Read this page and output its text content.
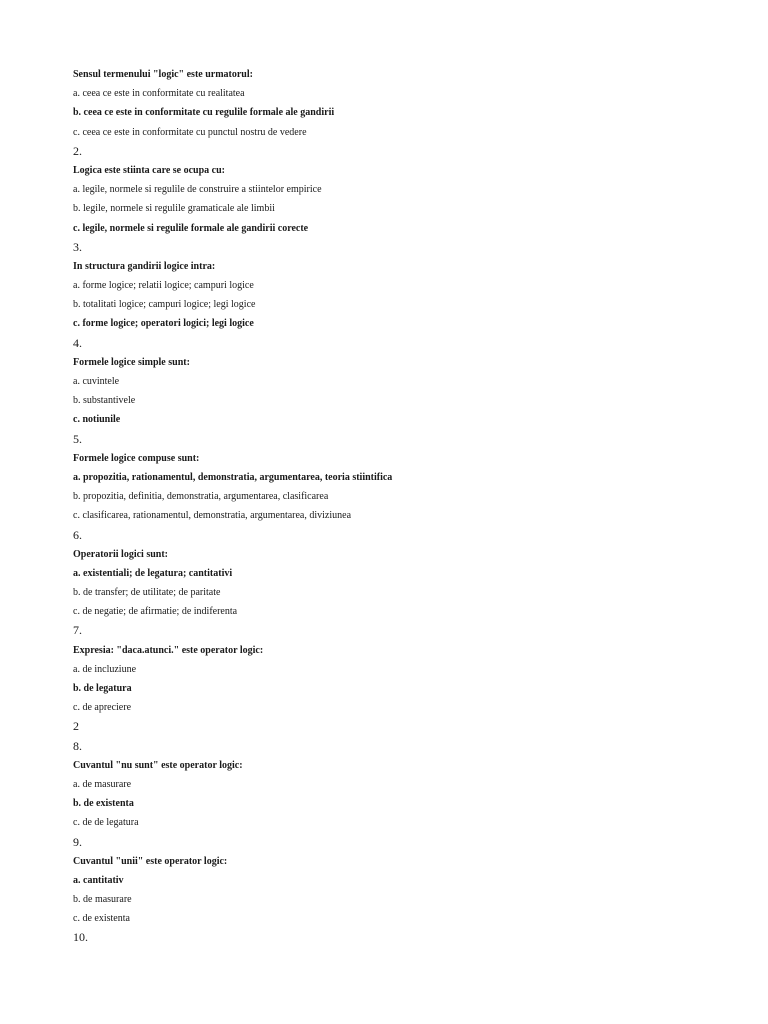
Sensul termenului "logic" este urmatorul:
a. ceea ce este in conformitate cu realitatea
b. ceea ce este in conformitate cu regulile formale ale gandirii
c. ceea ce este in conformitate cu punctul nostru de vedere
2.
Logica este stiinta care se ocupa cu:
a. legile, normele si regulile de construire a stiintelor empirice
b. legile, normele si regulile gramaticale ale limbii
c. legile, normele si regulile formale ale gandirii corecte
3.
In structura gandirii logice intra:
a. forme logice; relatii logice; campuri logice
b. totalitati logice; campuri logice; legi logice
c. forme logice; operatori logici; legi logice
4.
Formele logice simple sunt:
a. cuvintele
b. substantivele
c. notiunile
5.
Formele logice compuse sunt:
a. propozitia, rationamentul, demonstratia, argumentarea, teoria stiintifica
b. propozitia, definitia, demonstratia, argumentarea, clasificarea
c. clasificarea, rationamentul, demonstratia, argumentarea, diviziunea
6.
Operatorii logici sunt:
a. existentiali; de legatura; cantitativi
b. de transfer; de utilitate; de paritate
c. de negatie; de afirmatie; de indiferenta
7.
Expresia: "daca.atunci." este operator logic:
a. de incluziune
b. de legatura
c. de apreciere
2
8.
Cuvantul "nu sunt" este operator logic:
a. de masurare
b. de existenta
c. de de legatura
9.
Cuvantul "unii" este operator logic:
a. cantitativ
b. de masurare
c. de existenta
10.
